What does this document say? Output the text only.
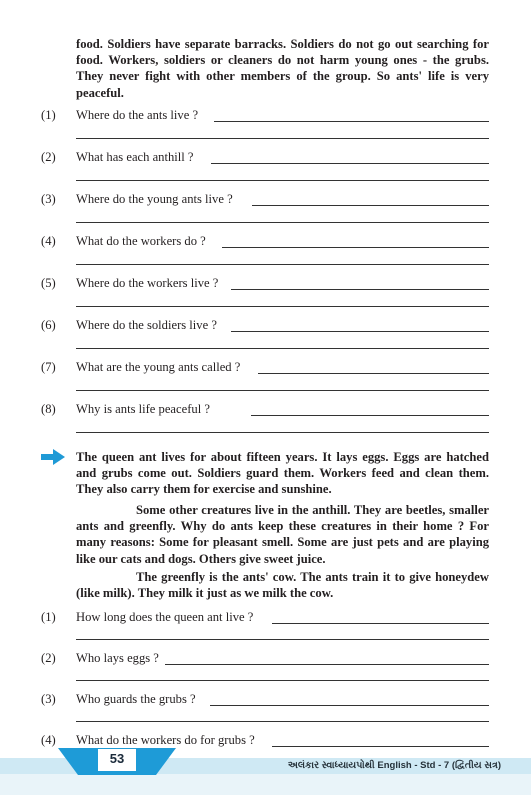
food. Soldiers have separate barracks. Soldiers do not go out searching for food. Workers, soldiers or cleaners do not harm young ones - the grubs. They never fight with other members of the group. So ants' life is very peaceful.

(1) Where do the ants live ?
(2) What has each anthill ?
(3) Where do the young ants live ?
(4) What do the workers do ?
(5) Where do the workers live ?
(6) Where do the soldiers live ?
(7) What are the young ants called ?
(8) Why is ants life peaceful ?

The queen ant lives for about fifteen years. It lays eggs. Eggs are hatched and grubs come out. Soldiers guard them. Workers feed and clean them. They also carry them for exercise and sunshine.

Some other creatures live in the anthill. They are beetles, smaller ants and greenfly. Why do ants keep these creatures in their home ? For many reasons: Some for pleasant smell. Some are just pets and are playing like our cats and dogs. Others give sweet juice.

The greenfly is the ants' cow. The ants train it to give honeydew (like milk). They milk it just as we milk the cow.

(1) How long does the queen ant live ?
(2) Who lays eggs ?
(3) Who guards the grubs ?
(4) What do the workers do for grubs ?
53	અલંકાર સ્વાધ્યાયપોથી English - Std - 7 (દ્વિતીય સત્ર)
